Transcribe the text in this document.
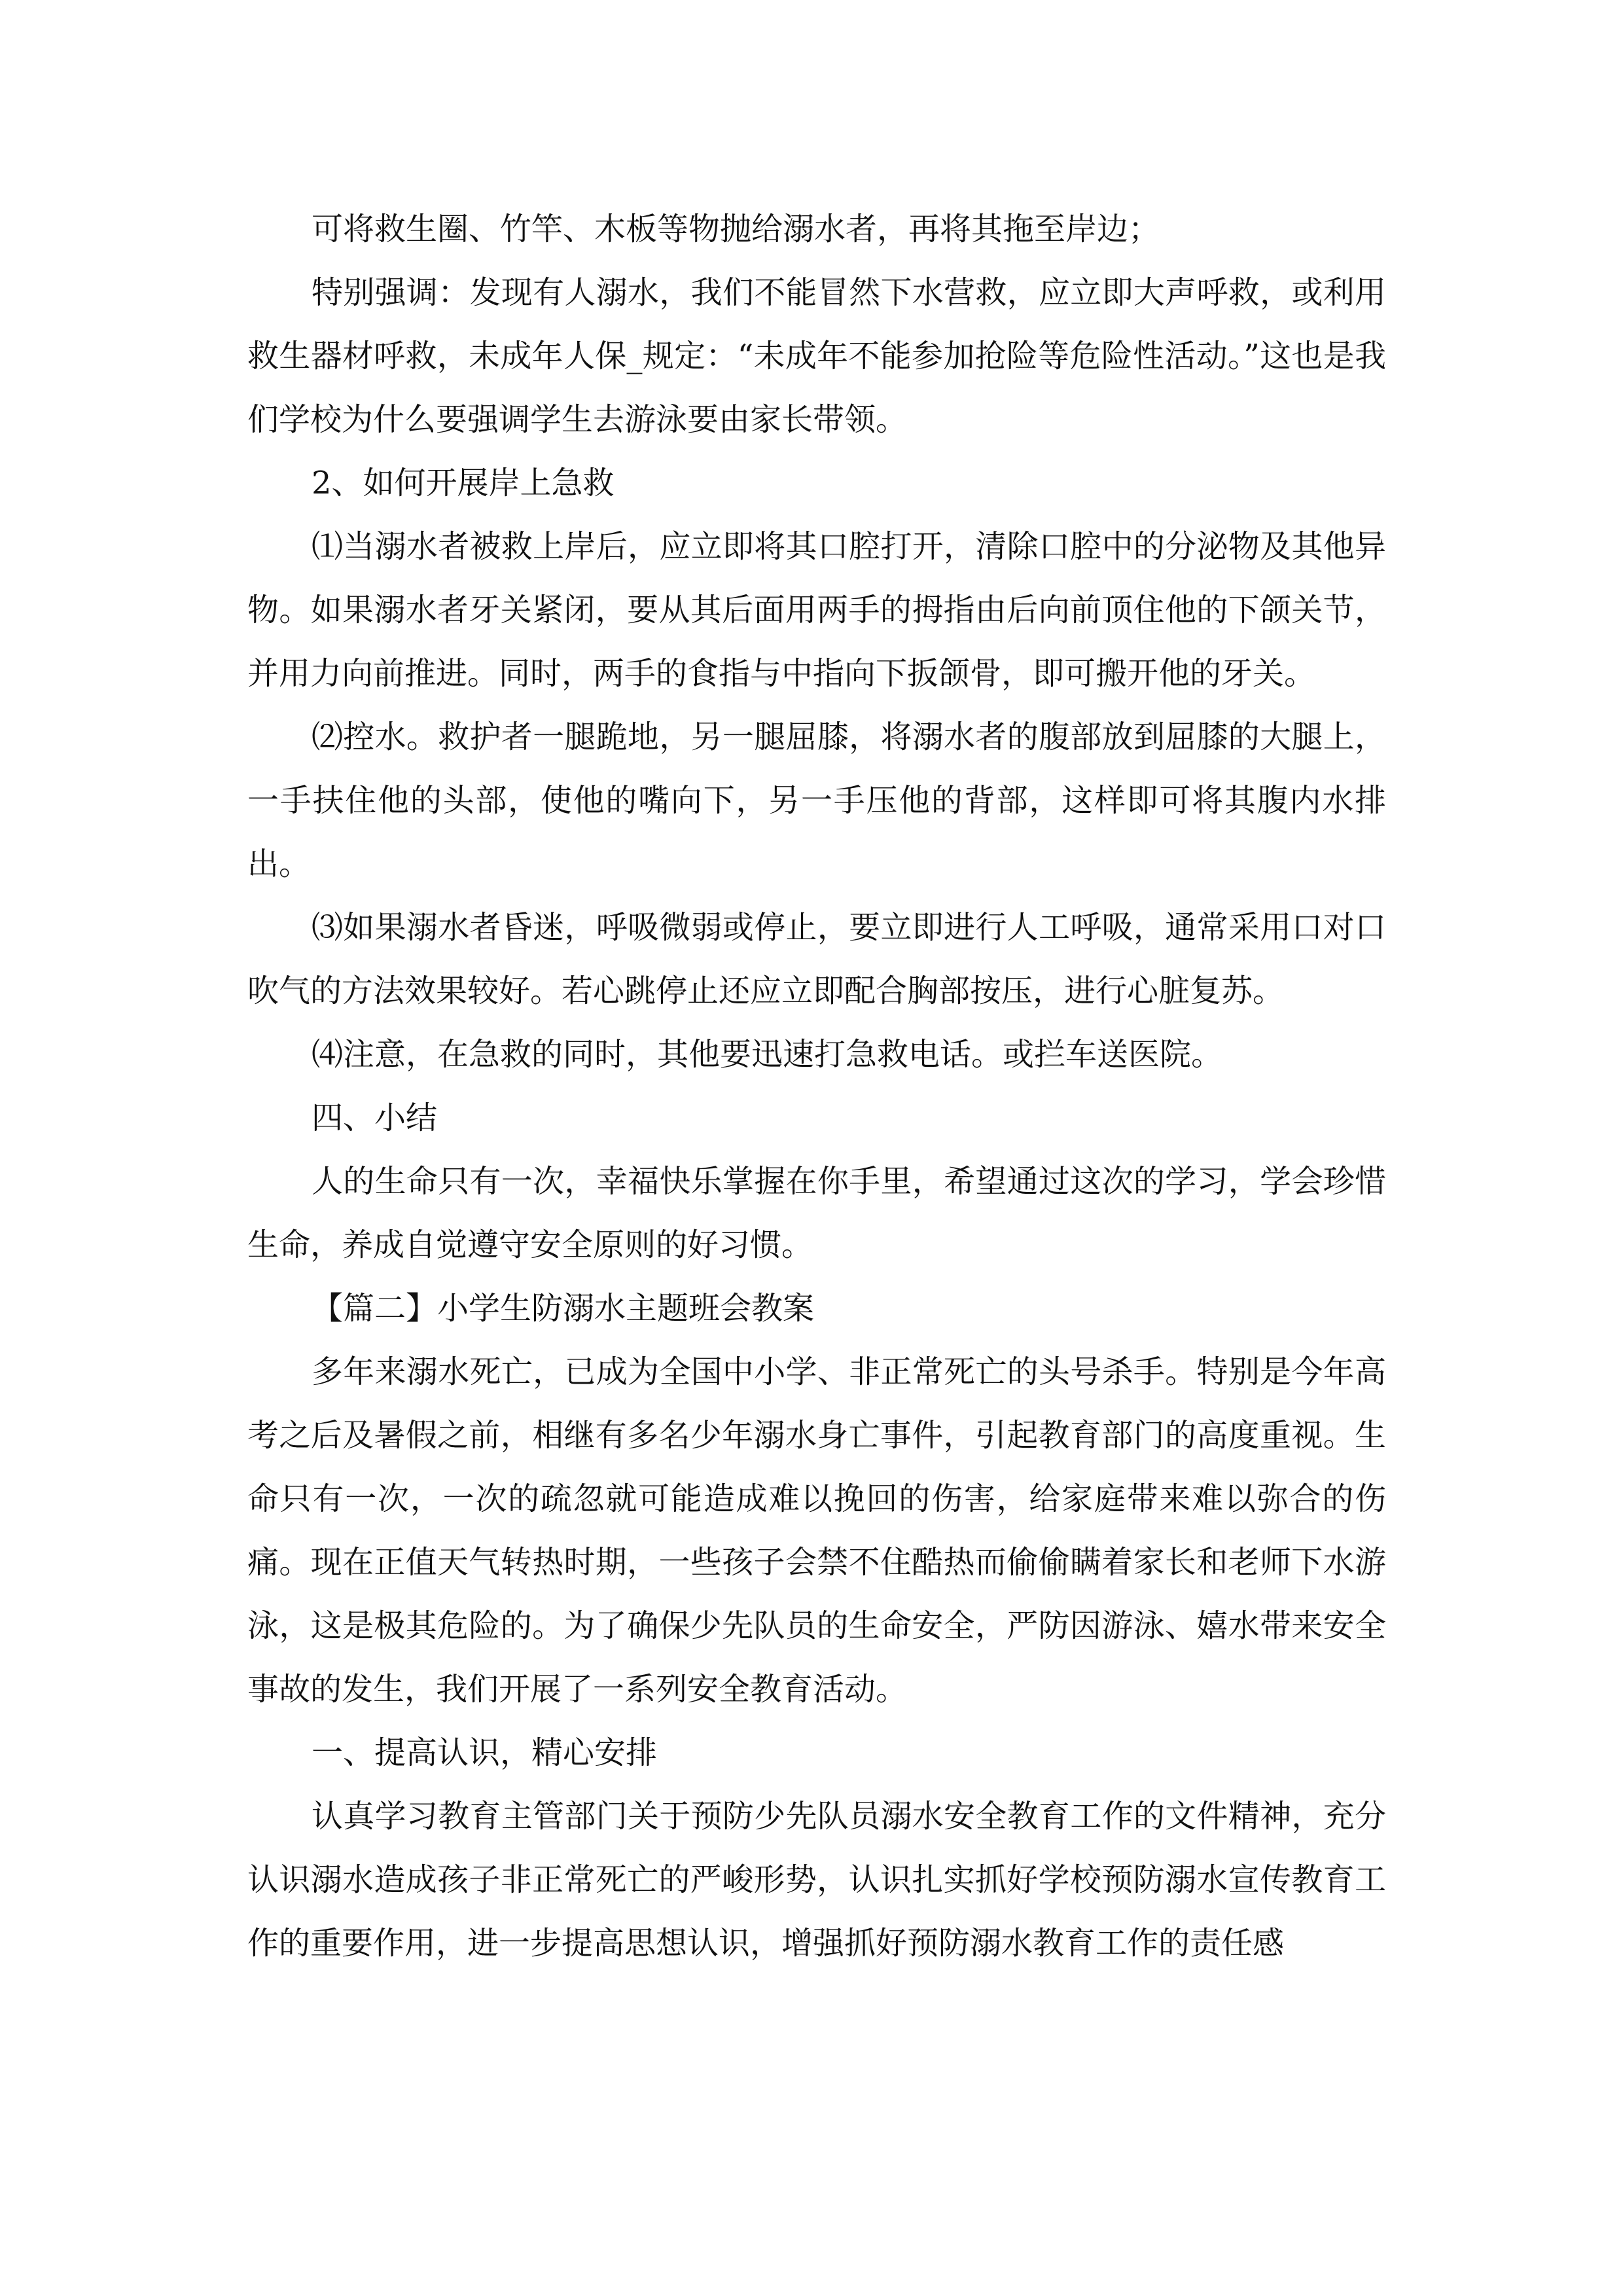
可将救生圈、竹竿、木板等物抛给溺水者，再将其拖至岸边；

特别强调：发现有人溺水，我们不能冒然下水营救，应立即大声呼救，或利用救生器材呼救，未成年人保_规定：“未成年不能参加抢险等危险性活动。”这也是我们学校为什么要强调学生去游泳要由家长带领。

2、如何开展岸上急救

⑴当溺水者被救上岸后，应立即将其口腔打开，清除口腔中的分泌物及其他异物。如果溺水者牙关紧闭，要从其后面用两手的拇指由后向前顶住他的下颌关节，并用力向前推进。同时，两手的食指与中指向下扳颌骨，即可搬开他的牙关。

⑵控水。救护者一腿跪地，另一腿屈膝，将溺水者的腹部放到屈膝的大腿上，一手扶住他的头部，使他的嘴向下，另一手压他的背部，这样即可将其腹内水排出。

⑶如果溺水者昏迷，呼吸微弱或停止，要立即进行人工呼吸，通常采用口对口吹气的方法效果较好。若心跳停止还应立即配合胸部按压，进行心脏复苏。

⑷注意，在急救的同时，其他要迅速打急救电话。或拦车送医院。

四、小结

人的生命只有一次，幸福快乐掌握在你手里，希望通过这次的学习，学会珍惜生命，养成自觉遵守安全原则的好习惯。

【篇二】小学生防溺水主题班会教案

多年来溺水死亡，已成为全国中小学、非正常死亡的头号杀手。特别是今年高考之后及暑假之前，相继有多名少年溺水身亡事件，引起教育部门的高度重视。生命只有一次，一次的疏忽就可能造成难以挽回的伤害，给家庭带来难以弥合的伤痛。现在正值天气转热时期，一些孩子会禁不住酷热而偷偷瞒着家长和老师下水游泳，这是极其危险的。为了确保少先队员的生命安全，严防因游泳、嬉水带来安全事故的发生，我们开展了一系列安全教育活动。

一、提高认识，精心安排

认真学习教育主管部门关于预防少先队员溺水安全教育工作的文件精神，充分认识溺水造成孩子非正常死亡的严峻形势，认识扎实抓好学校预防溺水宣传教育工作的重要作用，进一步提高思想认识，增强抓好预防溺水教育工作的责任感
